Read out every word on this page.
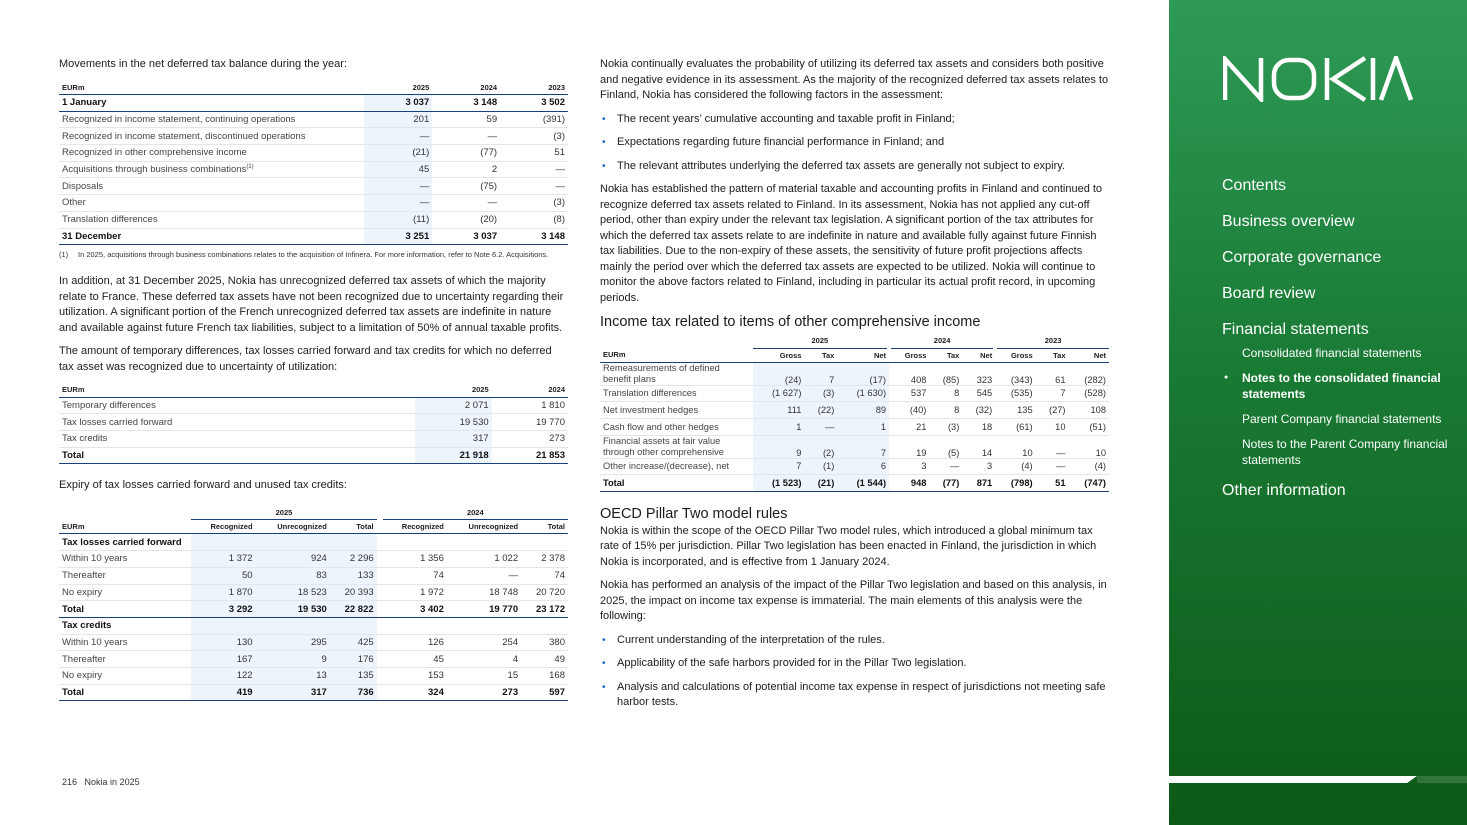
Movements in the net deferred tax balance during the year:

EURm	2025	2024	2023
1 January	3 037	3 148	3 502
Recognized in income statement, continuing operations	201	59	(391)
Recognized in income statement, discontinued operations	—	—	(3)
Recognized in other comprehensive income	(21)	(77)	51
Acquisitions through business combinations$^{(1)}$	45	2	—
Disposals	—	(75)	—
Other	—	—	(3)
Translation differences	(11)	(20)	(8)
31 December	3 251	3 037	3 148
(1)	In 2025, acquisitions through business combinations relates to the acquisition of Infinera. For more information, refer to Note 6.2. Acquisitions.

In addition, at 31 December 2025, Nokia has unrecognized deferred tax assets of which the majority relate to France. These deferred tax assets have not been recognized due to uncertainty regarding their utilization. A significant portion of the French unrecognized deferred tax assets are indefinite in nature and available against future French tax liabilities, subject to a limitation of 50% of annual taxable profits.

The amount of temporary differences, tax losses carried forward and tax credits for which no deferred tax asset was recognized due to uncertainty of utilization:

EURm	2025	2024
Temporary differences	2 071	1 810
Tax losses carried forward	19 530	19 770
Tax credits	317	273
Total	21 918	21 853

Expiry of tax losses carried forward and unused tax credits:

	2025				2024		
EURm	Recognized	Unrecognized	Total		Recognized	Unrecognized	Total
Tax losses carried forward							
Within 10 years	1 372	924	2 296		1 356	1 022	2 378
Thereafter	50	83	133		74	—	74
No expiry	1 870	18 523	20 393		1 972	18 748	20 720
Total	3 292	19 530	22 822		3 402	19 770	23 172
Tax credits							
Within 10 years	130	295	425		126	254	380
Thereafter	167	9	176		45	4	49
No expiry	122	13	135		153	15	168
Total	419	317	736		324	273	597

Nokia continually evaluates the probability of utilizing its deferred tax assets and considers both positive and negative evidence in its assessment. As the majority of the recognized deferred tax assets relates to Finland, Nokia has considered the following factors in the assessment:

• The recent years’ cumulative accounting and taxable profit in Finland;
• Expectations regarding future financial performance in Finland; and
• The relevant attributes underlying the deferred tax assets are generally not subject to expiry.

Nokia has established the pattern of material taxable and accounting profits in Finland and continued to recognize deferred tax assets related to Finland. In its assessment, Nokia has not applied any cut-off period, other than expiry under the relevant tax legislation. A significant portion of the tax attributes for which the deferred tax assets relate to are indefinite in nature and available fully against future Finnish tax liabilities. Due to the non-expiry of these assets, the sensitivity of future profit projections affects mainly the period over which the deferred tax assets are expected to be utilized. Nokia will continue to monitor the above factors related to Finland, including in particular its actual profit record, in upcoming periods.

Income tax related to items of other comprehensive income
	2025			2024			2023		
EURm	Gross	Tax	Net	Gross	Tax	Net	Gross	Tax	Net
Remeasurements of defined benefit plans	(24)	7	(17)	408	(85)	323	(343)	61	(282)
Translation differences	(1 627)	(3)	(1 630)	537	8	545	(535)	7	(528)
Net investment hedges	111	(22)	89	(40)	8	(32)	135	(27)	108
Cash flow and other hedges	1	—	1	21	(3)	18	(61)	10	(51)
Financial assets at fair value through other comprehensive	9	(2)	7	19	(5)	14	10	—	10
Other increase/(decrease), net	7	(1)	6	3	—	3	(4)	—	(4)
Total	(1 523)	(21)	(1 544)	948	(77)	871	(798)	51	(747)
OECD Pillar Two model rules

Nokia is within the scope of the OECD Pillar Two model rules, which introduced a global minimum tax rate of 15% per jurisdiction. Pillar Two legislation has been enacted in Finland, the jurisdiction in which Nokia is incorporated, and is effective from 1 January 2024.

Nokia has performed an analysis of the impact of the Pillar Two legislation and based on this analysis, in 2025, the impact on income tax expense is immaterial. The main elements of this analysis were the following:

• Current understanding of the interpretation of the rules.
• Applicability of the safe harbors provided for in the Pillar Two legislation.
• Analysis and calculations of potential income tax expense in respect of jurisdictions not meeting safe harbor tests.
216 Nokia in 2025
Contents
Business overview
Corporate governance
Board review
Financial statements
Consolidated financial statements
● Notes to the consolidated financial statements
Parent Company financial statements
Notes to the Parent Company financial statements
Other information
